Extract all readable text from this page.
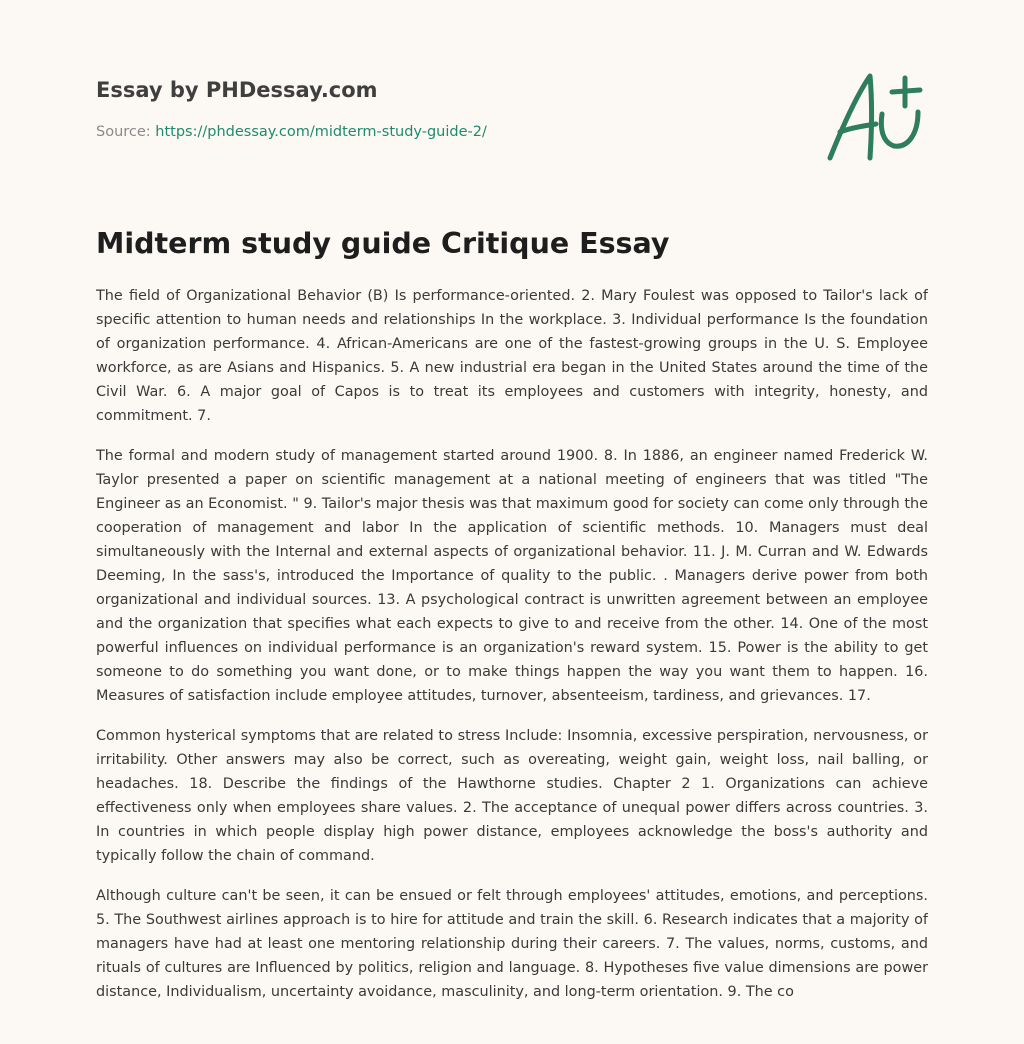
Essay by PHDessay.com
Source: https://phdessay.com/midterm-study-guide-2/
Midterm study guide Critique Essay

The field of Organizational Behavior (B) Is performance-oriented. 2. Mary Foulest was opposed to Tailor's lack of specific attention to human needs and relationships In the workplace. 3. Individual performance Is the foundation of organization performance. 4. African-Americans are one of the fastest-growing groups in the U. S. Employee workforce, as are Asians and Hispanics. 5. A new industrial era began in the United States around the time of the Civil War. 6. A major goal of Capos is to treat its employees and customers with integrity, honesty, and commitment. 7.

The formal and modern study of management started around 1900. 8. In 1886, an engineer named Frederick W. Taylor presented a paper on scientific management at a national meeting of engineers that was titled "The Engineer as an Economist. " 9. Tailor's major thesis was that maximum good for society can come only through the cooperation of management and labor In the application of scientific methods. 10. Managers must deal simultaneously with the Internal and external aspects of organizational behavior. 11. J. M. Curran and W. Edwards Deeming, In the sass's, introduced the Importance of quality to the public. . Managers derive power from both organizational and individual sources. 13. A psychological contract is unwritten agreement between an employee and the organization that specifies what each expects to give to and receive from the other. 14. One of the most powerful influences on individual performance is an organization's reward system. 15. Power is the ability to get someone to do something you want done, or to make things happen the way you want them to happen. 16. Measures of satisfaction include employee attitudes, turnover, absenteeism, tardiness, and grievances. 17.

Common hysterical symptoms that are related to stress Include: Insomnia, excessive perspiration, nervousness, or irritability. Other answers may also be correct, such as overeating, weight gain, weight loss, nail balling, or headaches. 18. Describe the findings of the Hawthorne studies. Chapter 2 1. Organizations can achieve effectiveness only when employees share values. 2. The acceptance of unequal power differs across countries. 3. In countries in which people display high power distance, employees acknowledge the boss's authority and typically follow the chain of command.

Although culture can't be seen, it can be ensued or felt through employees' attitudes, emotions, and perceptions. 5. The Southwest airlines approach is to hire for attitude and train the skill. 6. Research indicates that a majority of managers have had at least one mentoring relationship during their careers. 7. The values, norms, customs, and rituals of cultures are Influenced by politics, religion and language. 8. Hypotheses five value dimensions are power distance, Individualism, uncertainty avoidance, masculinity, and long-term orientation. 9. The co
